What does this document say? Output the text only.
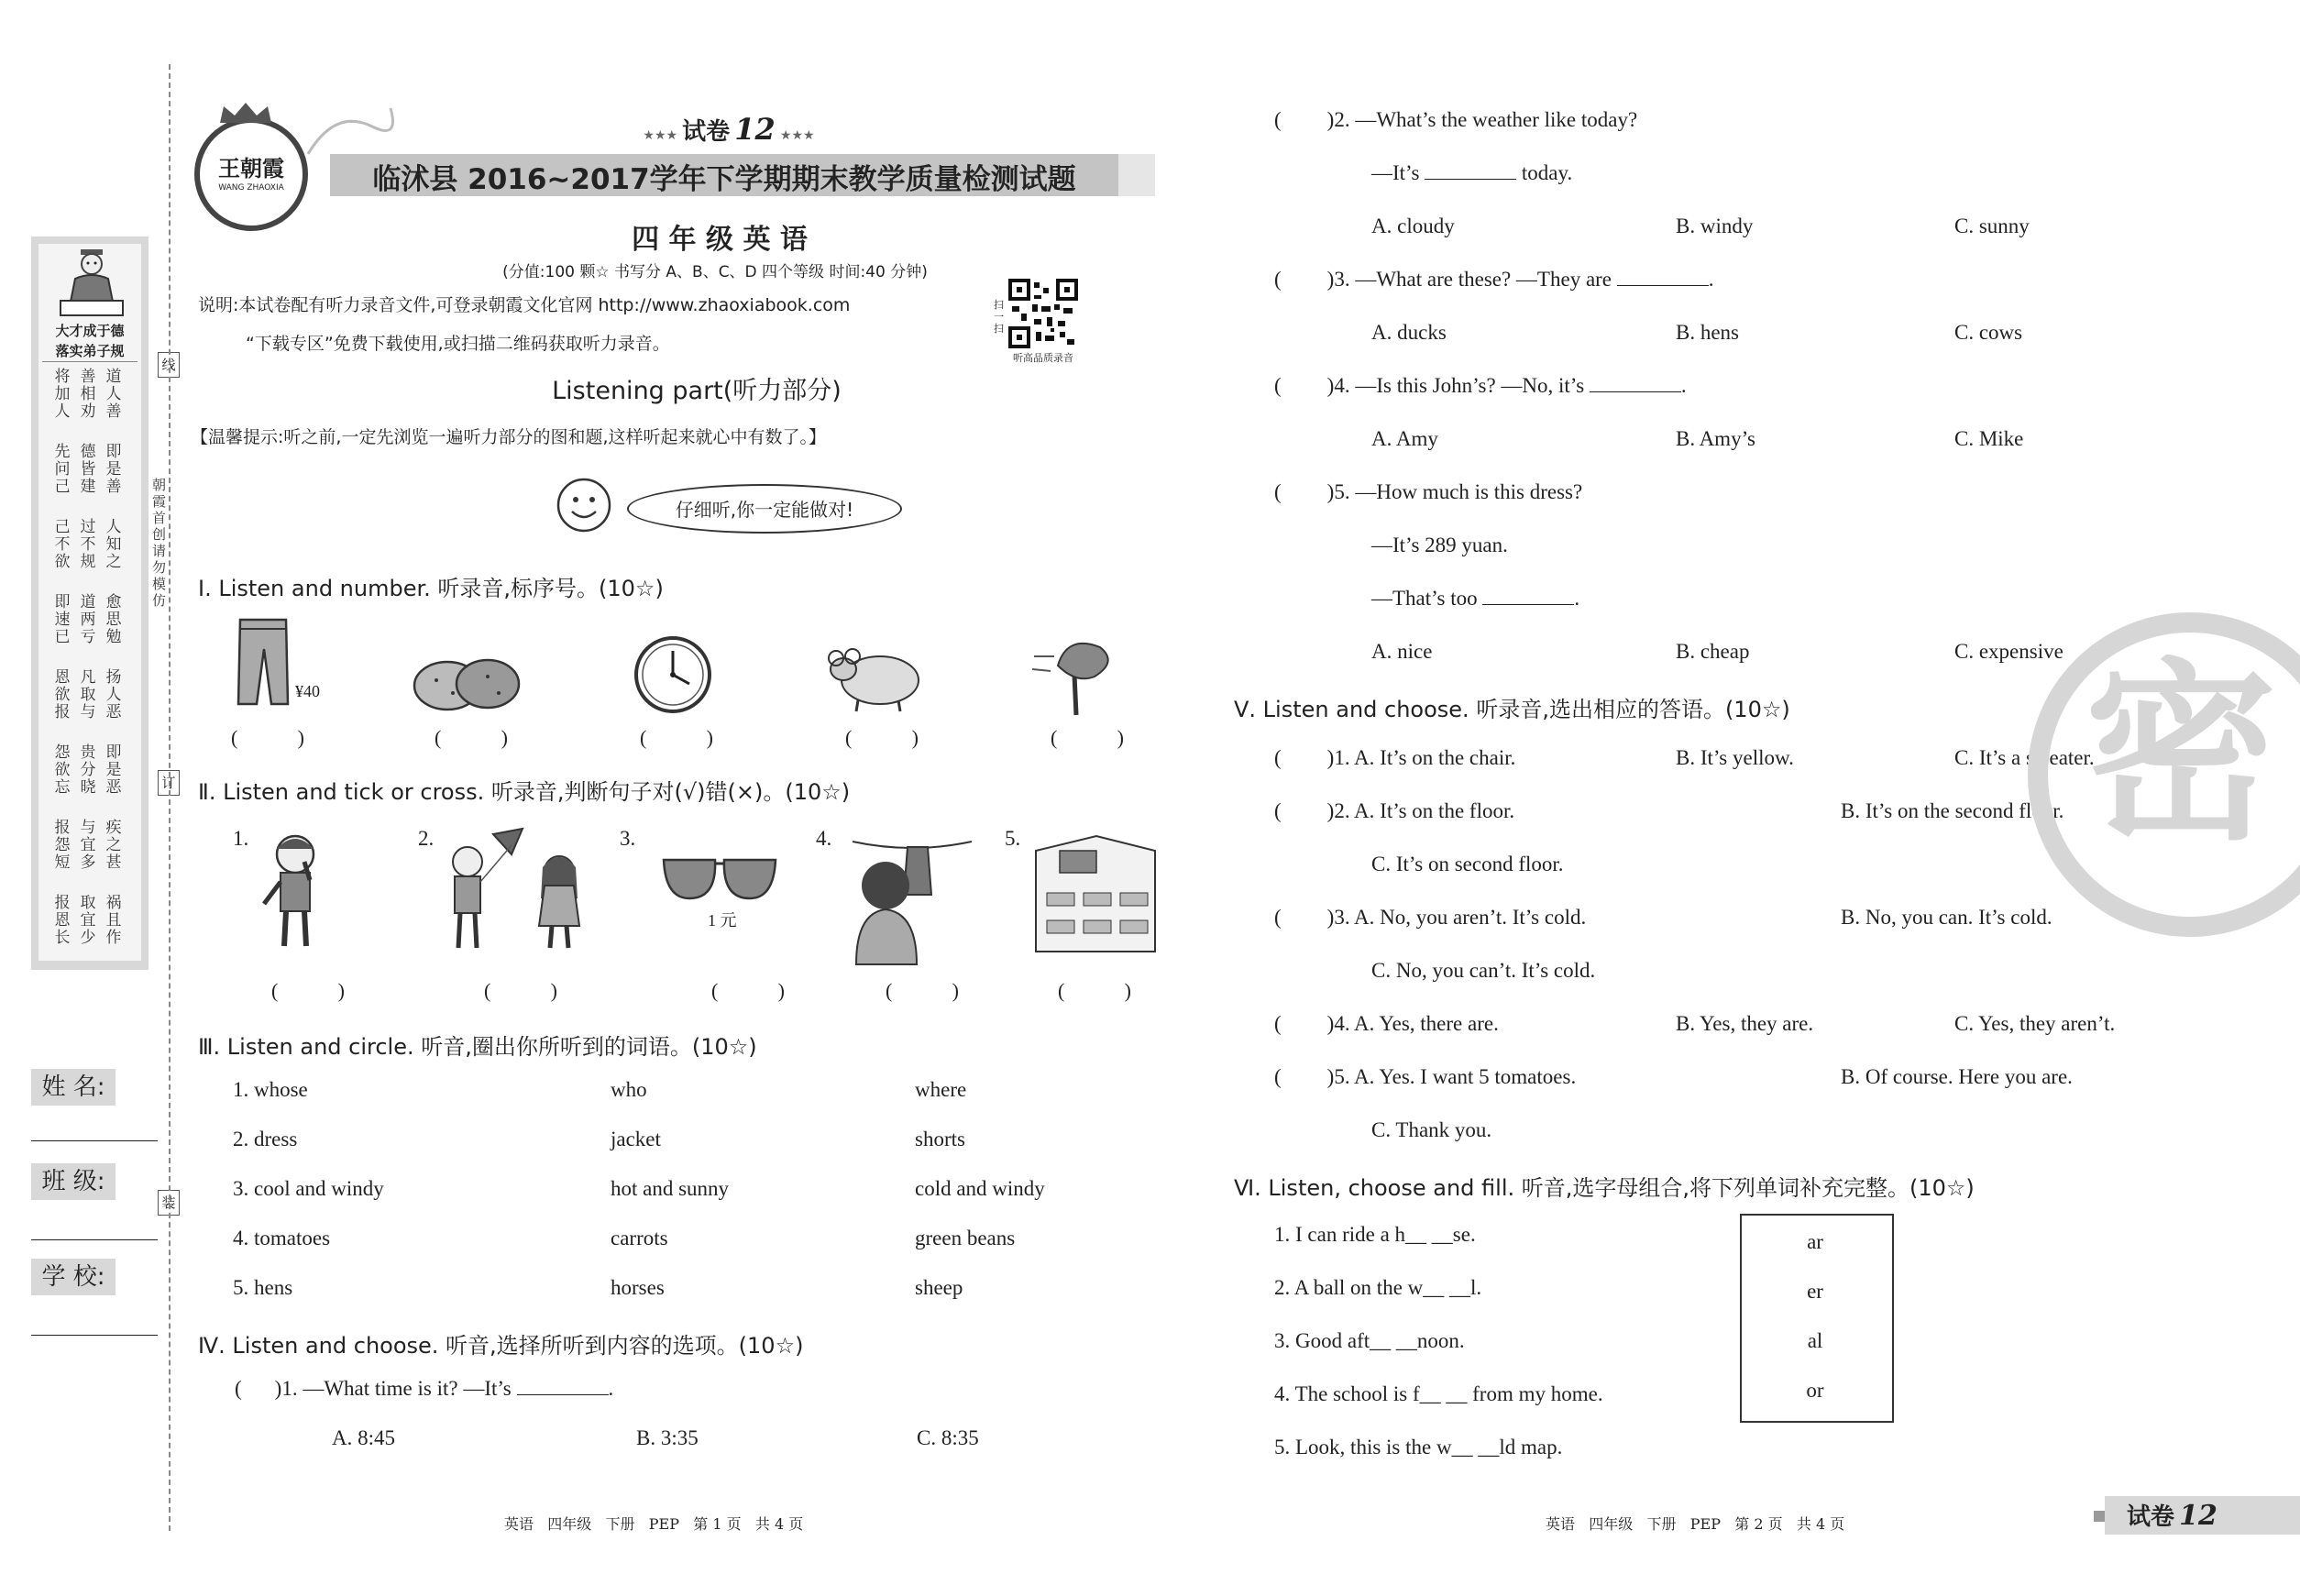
大才成于德
落实弟子规
将
加
人
善
相
劝
道
人
善
先
问
己
德
皆
建
即
是
善
己
不
欲
过
不
规
人
知
之
即
速
已
道
两
亏
愈
思
勉
恩
欲
报
凡
取
与
扬
人
恶
怨
欲
忘
贵
分
晓
即
是
恶
报
怨
短
与
宜
多
疾
之
甚
报
恩
长
取
宜
少
祸
且
作
朝霞首创 请勿模仿
线
订
装
姓 名:
班 级:
学 校:
王朝霞
WANG ZHAOXIA
★★★ 试卷 12 ★★★
临沭县 2016~2017学年下学期期末教学质量检测试题
四 年 级 英 语
(分值:100 颗☆ 书写分 A、B、C、D 四个等级 时间:40 分钟)
说明:本试卷配有听力录音文件,可登录朝霞文化官网 http://www.zhaoxiabook.com
“下载专区”免费下载使用,或扫描二维码获取听力录音。
扫一扫
听高品质录音
Listening part(听力部分)
【温馨提示:听之前,一定先浏览一遍听力部分的图和题,这样听起来就心中有数了。】
仔细听,你一定能做对!
Ⅰ. Listen and number. 听录音,标序号。(10☆)
¥40
(	)	(	)	(	)	(	)	(	)
Ⅱ. Listen and tick or cross. 听录音,判断句子对(√)错(×)。(10☆)
1.	2.	3.	4.	5.
1 元
(	)	(	)	(	)	(	)	(	)
Ⅲ. Listen and circle. 听音,圈出你所听到的词语。(10☆)
1. whose	who	where
2. dress	jacket	shorts
3. cool and windy	hot and sunny	cold and windy
4. tomatoes	carrots	green beans
5. hens	horses	sheep
Ⅳ. Listen and choose. 听音,选择所听到内容的选项。(10☆)
( )1. —What time is it? —It’s	.
A. 8:45	B. 3:35	C. 8:35
( )2. —What’s the weather like today?
—It’s	today.
A. cloudy	B. windy	C. sunny
( )3. —What are these? —They are	.
A. ducks	B. hens	C. cows
( )4. —Is this John’s? —No, it’s	.
A. Amy	B. Amy’s	C. Mike
( )5. —How much is this dress?
—It’s 289 yuan.
—That’s too	.
A. nice	B. cheap	C. expensive
Ⅴ. Listen and choose. 听录音,选出相应的答语。(10☆)
( )1. A. It’s on the chair.	B. It’s yellow.	C. It’s a sweater.
( )2. A. It’s on the floor.	B. It’s on the second floor.
C. It’s on second floor.
( )3. A. No, you aren’t. It’s cold.	B. No, you can. It’s cold.
C. No, you can’t. It’s cold.
( )4. A. Yes, there are.	B. Yes, they are.	C. Yes, they aren’t.
( )5. A. Yes. I want 5 tomatoes.	B. Of course. Here you are.
C. Thank you.
Ⅵ. Listen, choose and fill. 听音,选字母组合,将下列单词补充完整。(10☆)
1. I can ride a h__ __se.
2. A ball on the w__ __l.
3. Good aft__ __noon.
4. The school is f__ __ from my home.
5. Look, this is the w__ __ld map.
ar
er
al
or
密
英语   四年级   下册   PEP   第 1 页   共 4 页	英语   四年级   下册   PEP   第 2 页   共 4 页	试卷 12
